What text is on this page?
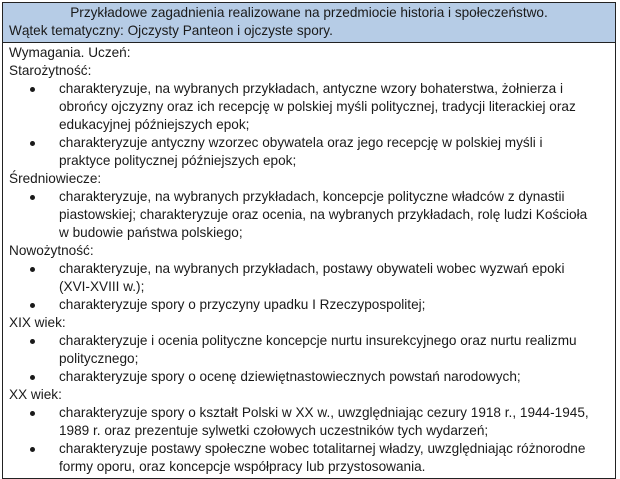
Przykładowe zagadnienia realizowane na przedmiocie historia i społeczeństwo.
Wątek tematyczny: Ojczysty Panteon i ojczyste spory.

Wymagania. Uczeń:
Starożytność:
charakteryzuje, na wybranych przykładach, antyczne wzory bohaterstwa, żołnierza i obrońcy ojczyzny oraz ich recepcję w polskiej myśli politycznej, tradycji literackiej oraz edukacyjnej późniejszych epok;
charakteryzuje antyczny wzorzec obywatela oraz jego recepcję w polskiej myśli i praktyce politycznej późniejszych epok;
Średniowiecze:
charakteryzuje, na wybranych przykładach, koncepcje polityczne władców z dynastii piastowskiej; charakteryzuje oraz ocenia, na wybranych przykładach, rolę ludzi Kościoła w budowie państwa polskiego;
Nowożytność:
charakteryzuje, na wybranych przykładach, postawy obywateli wobec wyzwań epoki (XVI-XVIII w.);
charakteryzuje spory o przyczyny upadku I Rzeczypospolitej;
XIX wiek:
charakteryzuje i ocenia polityczne koncepcje nurtu insurekcyjnego oraz nurtu realizmu politycznego;
charakteryzuje spory o ocenę dziewiętnastowiecznych powstań narodowych;
XX wiek:
charakteryzuje spory o kształt Polski w XX w., uwzględniając cezury 1918 r., 1944-1945, 1989 r. oraz prezentuje sylwetki czołowych uczestników tych wydarzeń;
charakteryzuje postawy społeczne wobec totalitarnej władzy, uwzględniając różnorodne formy oporu, oraz koncepcje współpracy lub przystosowania.
